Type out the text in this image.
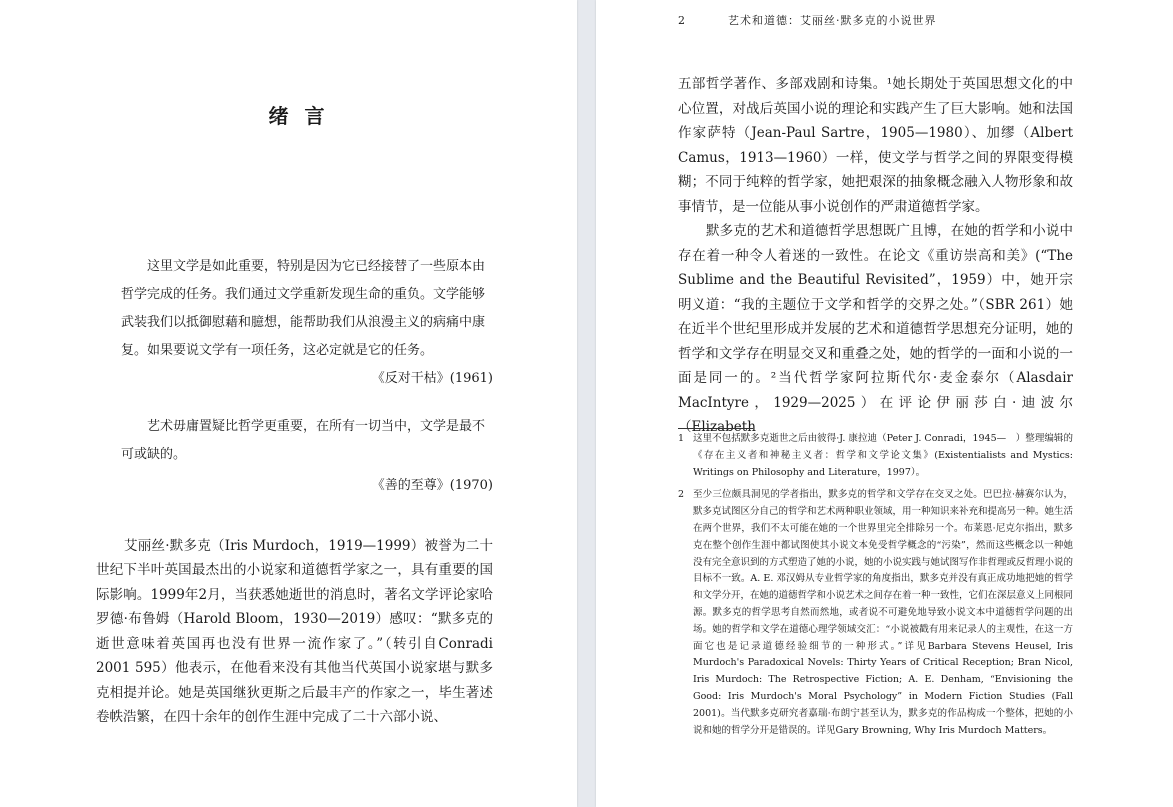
绪言
这里文学是如此重要，特别是因为它已经接替了一些原本由哲学完成的任务。我们通过文学重新发现生命的重负。文学能够武装我们以抵御慰藉和臆想，能帮助我们从浪漫主义的病痛中康复。如果要说文学有一项任务，这必定就是它的任务。
《反对干枯》(1961)
艺术毋庸置疑比哲学更重要，在所有一切当中，文学是最不可或缺的。
《善的至尊》(1970)

艾丽丝·默多克（Iris Murdoch，1919—1999）被誉为二十世纪下半叶英国最杰出的小说家和道德哲学家之一，具有重要的国际影响。1999年2月，当获悉她逝世的消息时，著名文学评论家哈罗德·布鲁姆（Harold Bloom，1930—2019）感叹：“默多克的逝世意味着英国再也没有世界一流作家了。”（转引自Conradi 2001 595）他表示，在他看来没有其他当代英国小说家堪与默多克相提并论。她是英国继狄更斯之后最丰产的作家之一，毕生著述卷帙浩繁，在四十余年的创作生涯中完成了二十六部小说、

2	艺术和道德：艾丽丝·默多克的小说世界

五部哲学著作、多部戏剧和诗集。¹她长期处于英国思想文化的中心位置，对战后英国小说的理论和实践产生了巨大影响。她和法国作家萨特（Jean-Paul Sartre，1905—1980）、加缪（Albert Camus，1913—1960）一样，使文学与哲学之间的界限变得模糊；不同于纯粹的哲学家，她把艰深的抽象概念融入人物形象和故事情节，是一位能从事小说创作的严肃道德哲学家。

默多克的艺术和道德哲学思想既广且博，在她的哲学和小说中存在着一种令人着迷的一致性。在论文《重访崇高和美》(“The Sublime and the Beautiful Revisited”，1959）中，她开宗明义道：“我的主题位于文学和哲学的交界之处。”（SBR 261）她在近半个世纪里形成并发展的艺术和道德哲学思想充分证明，她的哲学和文学存在明显交叉和重叠之处，她的哲学的一面和小说的一面是同一的。²当代哲学家阿拉斯代尔·麦金泰尔（Alasdair MacIntyre，1929—2025）在评论伊丽莎白·迪波尔（Elizabeth

1 这里不包括默多克逝世之后由彼得·J. 康拉迪（Peter J. Conradi，1945—　）整理编辑的《存在主义者和神秘主义者：哲学和文学论文集》(Existentialists and Mystics: Writings on Philosophy and Literature，1997）。
2 至少三位颇具洞见的学者指出，默多克的哲学和文学存在交叉之处。巴巴拉·赫赛尔认为，默多克试图区分自己的哲学和艺术两种职业领域，用一种知识来补充和提高另一种。她生活在两个世界，我们不太可能在她的一个世界里完全排除另一个。布莱恩·尼克尔指出，默多克在整个创作生涯中都试图使其小说文本免受哲学概念的“污染”，然而这些概念以一种她没有完全意识到的方式塑造了她的小说，她的小说实践与她试图写作非哲理或反哲理小说的目标不一致。A. E. 邓汉姆从专业哲学家的角度指出，默多克并没有真正成功地把她的哲学和文学分开，在她的道德哲学和小说艺术之间存在着一种一致性，它们在深层意义上同根同源。默多克的哲学思考自然而然地，或者说不可避免地导致小说文本中道德哲学问题的出场。她的哲学和文学在道德心理学领域交汇：“小说被戳有用来记录人的主观性，在这一方面它也是记录道德经验细节的一种形式。”详见Barbara Stevens Heusel, Iris Murdoch's Paradoxical Novels: Thirty Years of Critical Reception; Bran Nicol, Iris Murdoch: The Retrospective Fiction; A. E. Denham, “Envisioning the Good: Iris Murdoch's Moral Psychology” in Modern Fiction Studies (Fall 2001)。当代默多克研究者嘉瑞·布朗宁甚至认为，默多克的作品构成一个整体，把她的小说和她的哲学分开是错误的。详见Gary Browning, Why Iris Murdoch Matters。
